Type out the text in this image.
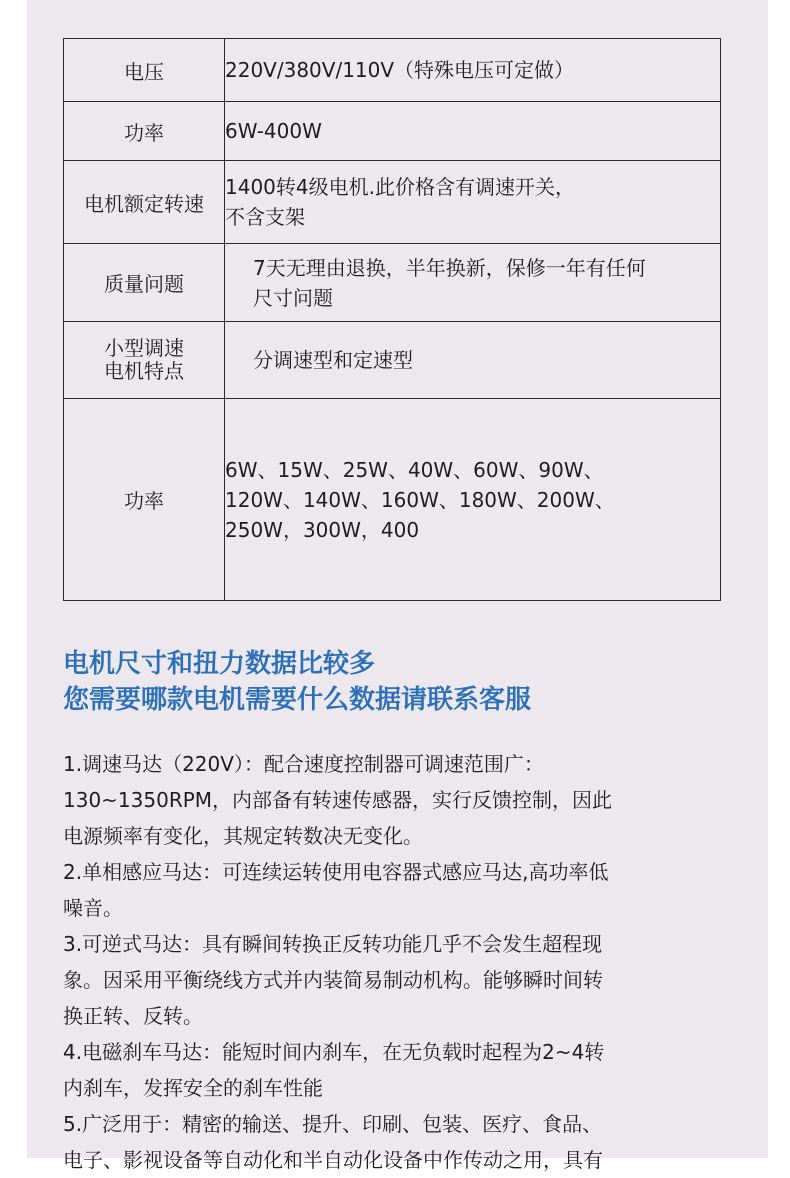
电压	220V/380V/110V（特殊电压可定做）
功率	6W-400W
电机额定转速	1400转4级电机.此价格含有调速开关，
不含支架
质量问题	7天无理由退换，半年换新，保修一年有任何
尺寸问题
小型调速
电机特点	分调速型和定速型
功率	6W、15W、25W、40W、60W、90W、
120W、140W、160W、180W、200W、
250W，300W，400
电机尺寸和扭力数据比较多
您需要哪款电机需要什么数据请联系客服

1.调速马达（220V）：配合速度控制器可调速范围广：

130~1350RPM，内部备有转速传感器，实行反馈控制，因此

电源频率有变化，其规定转数决无变化。

2.单相感应马达：可连续运转使用电容器式感应马达,高功率低

噪音。

3.可逆式马达：具有瞬间转换正反转功能几乎不会发生超程现

象。因采用平衡绕线方式并内装简易制动机构。能够瞬时间转

换正转、反转。

4.电磁刹车马达：能短时间内刹车，在无负载时起程为2~4转

内刹车，发挥安全的刹车性能

5.广泛用于：精密的输送、提升、印刷、包装、医疗、食品、

电子、影视设备等自动化和半自动化设备中作传动之用，具有
